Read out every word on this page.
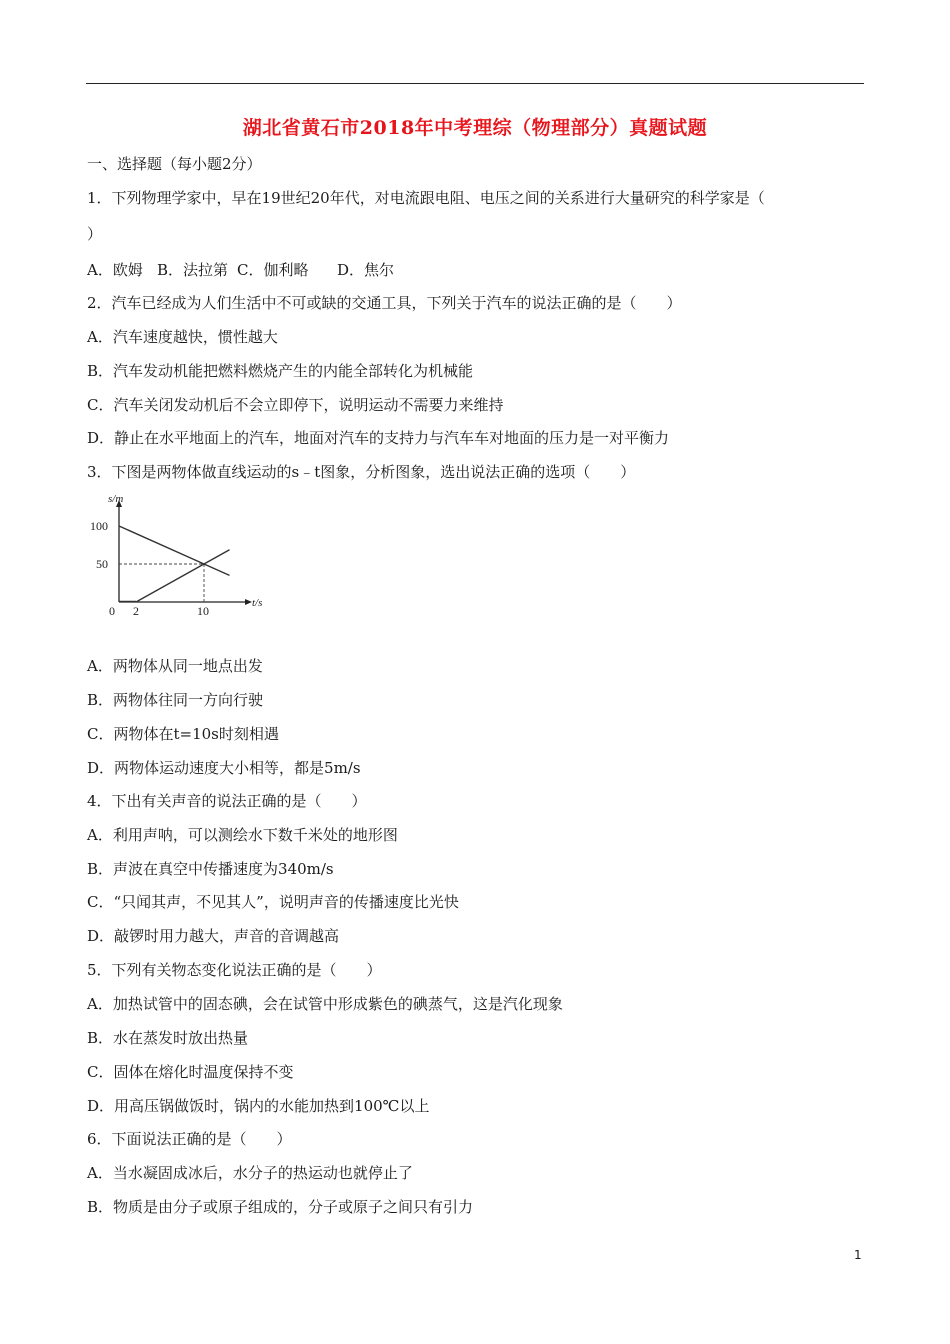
湖北省黄石市2018年中考理综（物理部分）真题试题
一、选择题（每小题2分）
1．下列物理学家中，早在19世纪20年代，对电流跟电阻、电压之间的关系进行大量研究的科学家是（
）
A．欧姆 B．法拉第 C．伽利略 D．焦尔
2．汽车已经成为人们生活中不可或缺的交通工具，下列关于汽车的说法正确的是（　　）
A．汽车速度越快，惯性越大
B．汽车发动机能把燃料燃烧产生的内能全部转化为机械能
C．汽车关闭发动机后不会立即停下，说明运动不需要力来维持
D．静止在水平地面上的汽车，地面对汽车的支持力与汽车车对地面的压力是一对平衡力
3．下图是两物体做直线运动的s﹣t图象，分析图象，选出说法正确的选项（　　）
100
50
0 2	10
s/m
t/s
A．两物体从同一地点出发
B．两物体往同一方向行驶
C．两物体在t=10s时刻相遇
D．两物体运动速度大小相等，都是5m/s
4．下出有关声音的说法正确的是（　　）
A．利用声呐，可以测绘水下数千米处的地形图
B．声波在真空中传播速度为340m/s
C．“只闻其声，不见其人”，说明声音的传播速度比光快
D．敲锣时用力越大，声音的音调越高
5．下列有关物态变化说法正确的是（　　）
A．加热试管中的固态碘，会在试管中形成紫色的碘蒸气，这是汽化现象
B．水在蒸发时放出热量
C．固体在熔化时温度保持不变
D．用高压锅做饭时，锅内的水能加热到100℃以上
6．下面说法正确的是（　　）
A．当水凝固成冰后，水分子的热运动也就停止了
B．物质是由分子或原子组成的，分子或原子之间只有引力
1
